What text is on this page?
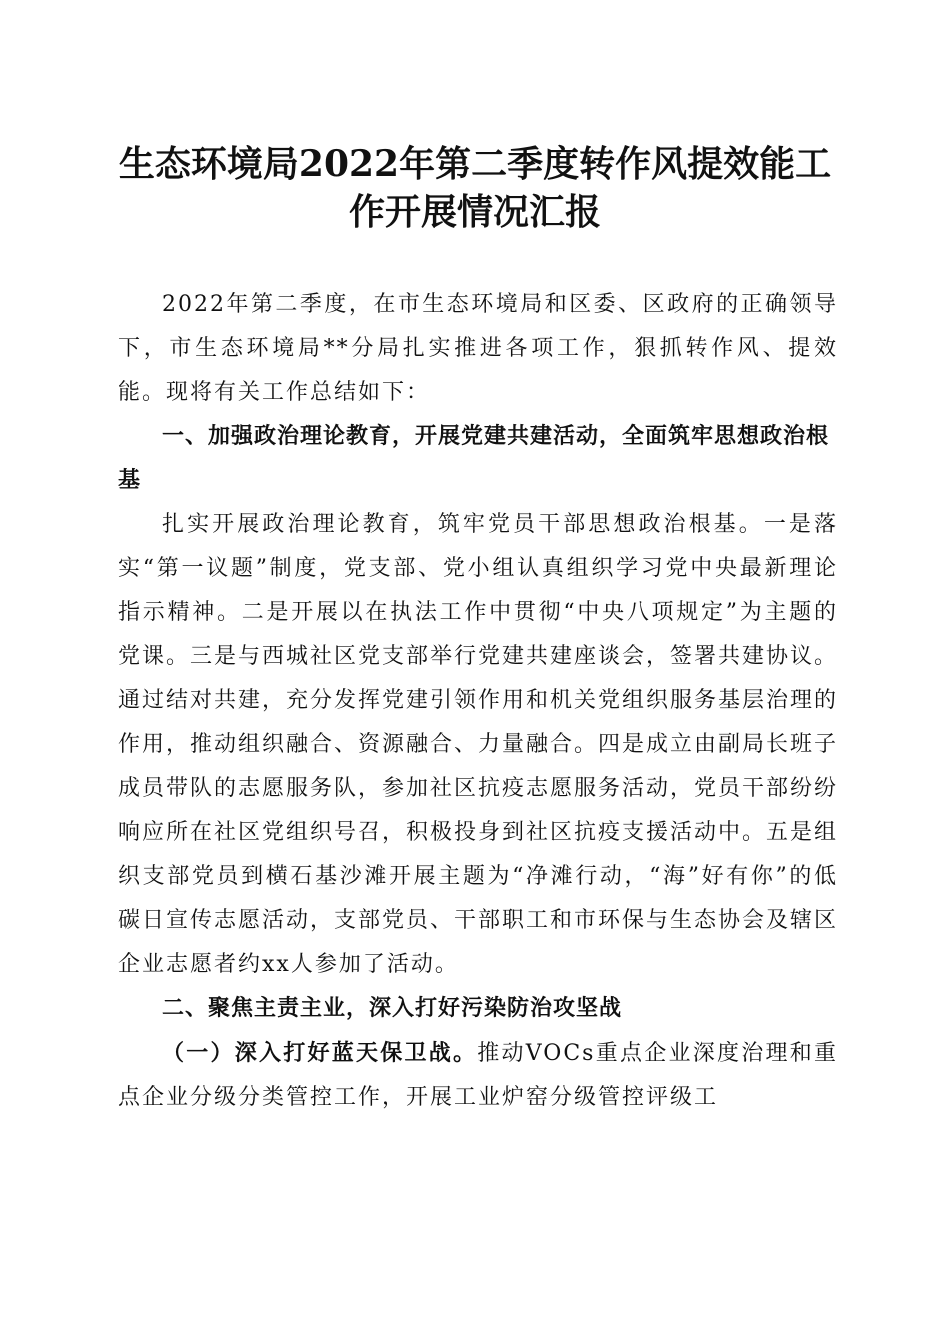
生态环境局2022年第二季度转作风提效能工
作开展情况汇报

2022年第二季度，在市生态环境局和区委、区政府的正确领导下，市生态环境局**分局扎实推进各项工作，狠抓转作风、提效能。现将有关工作总结如下：

一、加强政治理论教育，开展党建共建活动，全面筑牢思想政治根基

扎实开展政治理论教育，筑牢党员干部思想政治根基。一是落实“第一议题”制度，党支部、党小组认真组织学习党中央最新理论指示精神。二是开展以在执法工作中贯彻“中央八项规定”为主题的党课。三是与西城社区党支部举行党建共建座谈会，签署共建协议。通过结对共建，充分发挥党建引领作用和机关党组织服务基层治理的作用，推动组织融合、资源融合、力量融合。四是成立由副局长班子成员带队的志愿服务队，参加社区抗疫志愿服务活动，党员干部纷纷响应所在社区党组织号召，积极投身到社区抗疫支援活动中。五是组织支部党员到横石基沙滩开展主题为“净滩行动，“海”好有你”的低碳日宣传志愿活动，支部党员、干部职工和市环保与生态协会及辖区企业志愿者约xx人参加了活动。

二、聚焦主责主业，深入打好污染防治攻坚战

（一）深入打好蓝天保卫战。推动VOCs重点企业深度治理和重点企业分级分类管控工作，开展工业炉窑分级管控评级工
